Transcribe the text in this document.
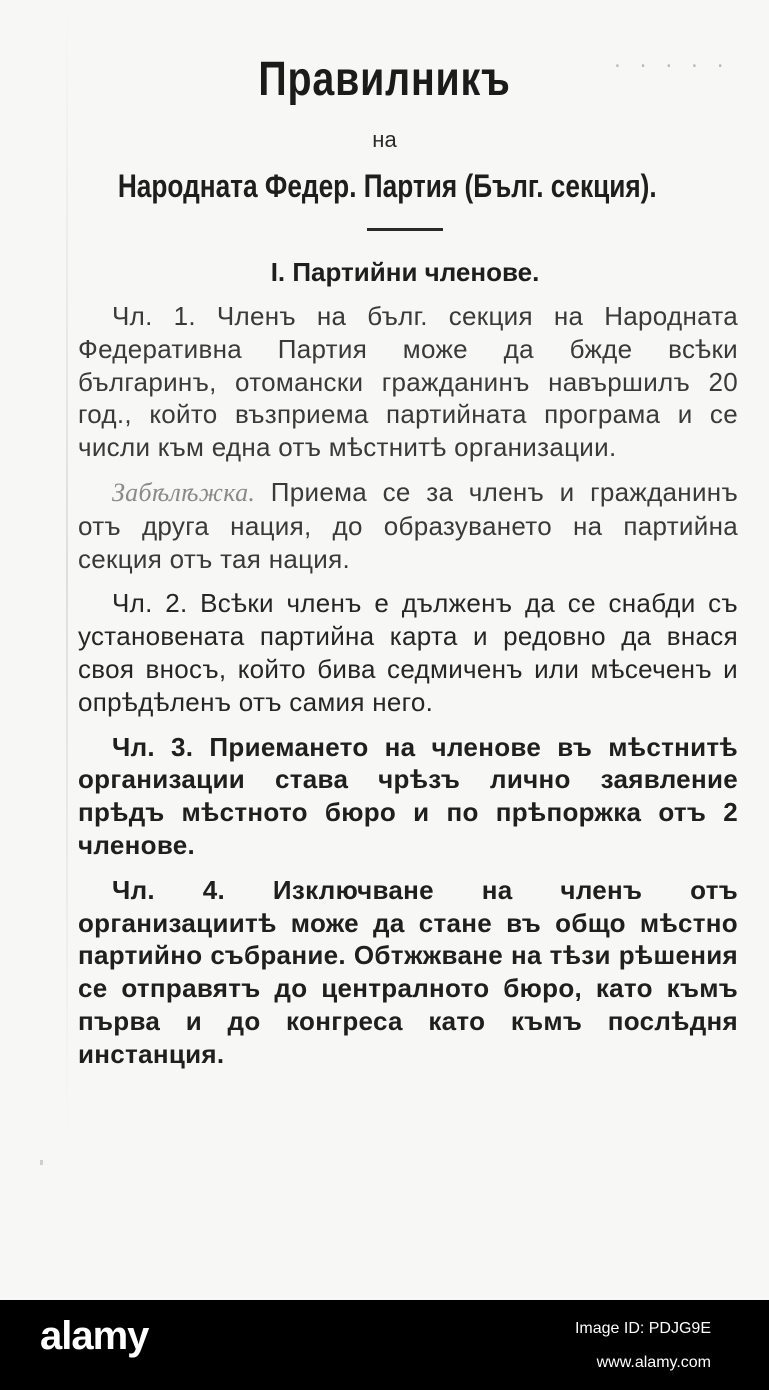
· · · · ·
Правилникъ
на
Народната Федер. Партия (Бълг. секция).
I. Партийни членове.

Чл. 1. Членъ на бълг. секция на Народната Федеративна Партия може да бжде всѣки българинъ, отомански гражданинъ навършилъ 20 год., който възприема партийната програма и се числи към една отъ мѣстнитѣ организации.

Забѣлѣжка. Приема се за членъ и гражданинъ отъ друга нация, до образуването на партийна секция отъ тая нация.

Чл. 2. Всѣки членъ е дълженъ да се снабди съ установената партийна карта и редовно да внася своя вносъ, който бива седмиченъ или мѣсеченъ и опрѣдѣленъ отъ самия него.

Чл. 3. Приемането на членове въ мѣстнитѣ организации става чрѣзъ лично заявление прѣдъ мѣстното бюро и по прѣпоржка отъ 2 членове.

Чл. 4. Изключване на членъ отъ организациитѣ може да стане въ общо мѣстно партийно събрание. Обтжжване на тѣзи рѣшения се отправятъ до централното бюро, като къмъ първа и до конгреса като къмъ послѣдня инстанция.

alamy	Image ID: PDJG9E
www.alamy.com
